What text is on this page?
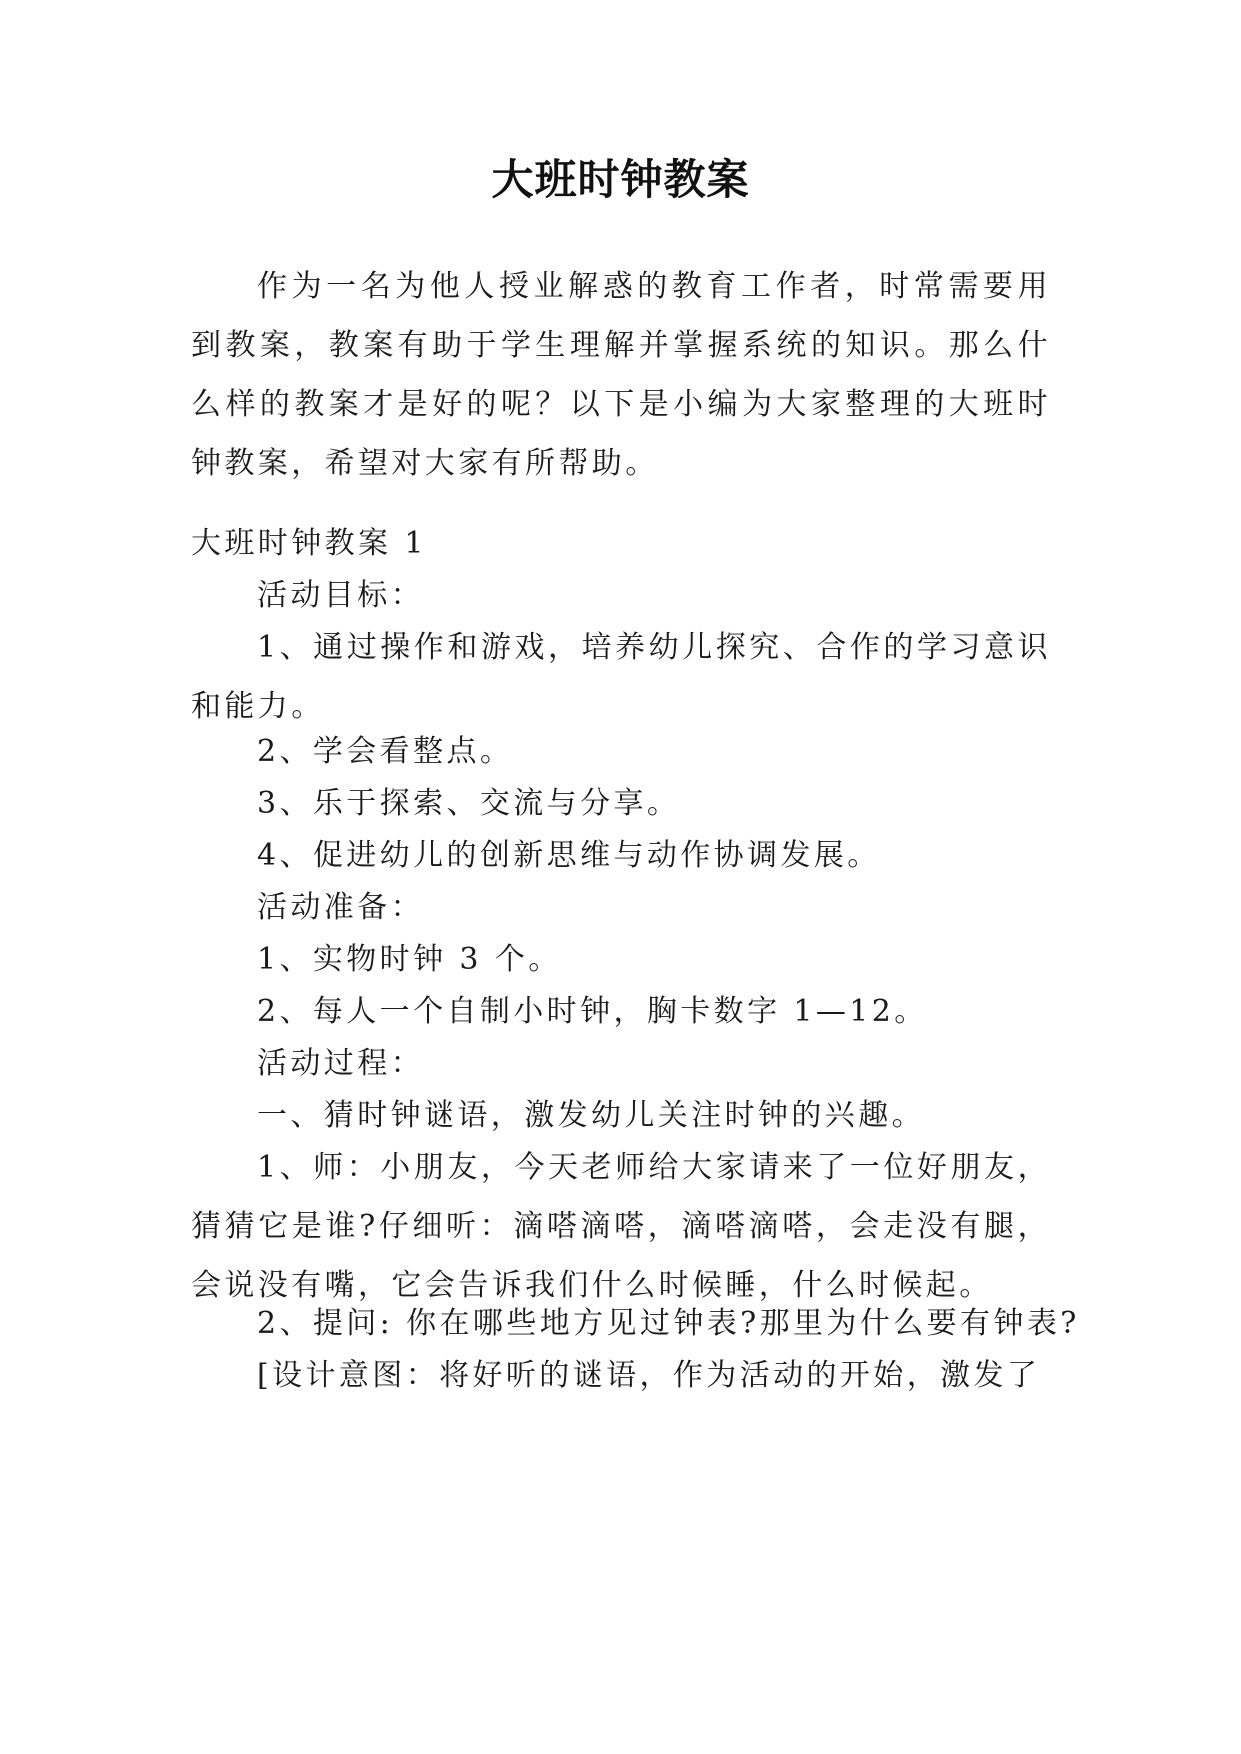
大班时钟教案

作为一名为他人授业解惑的教育工作者，时常需要用到教案，教案有助于学生理解并掌握系统的知识。那么什么样的教案才是好的呢？以下是小编为大家整理的大班时钟教案，希望对大家有所帮助。

大班时钟教案 1

活动目标：

1、通过操作和游戏，培养幼儿探究、合作的学习意识和能力。

2、学会看整点。

3、乐于探索、交流与分享。

4、促进幼儿的创新思维与动作协调发展。

活动准备：

1、实物时钟 3 个。

2、每人一个自制小时钟，胸卡数字 1—12。

活动过程：

一、猜时钟谜语，激发幼儿关注时钟的兴趣。

1、师：小朋友，今天老师给大家请来了一位好朋友，猜猜它是谁?仔细听：滴嗒滴嗒，滴嗒滴嗒，会走没有腿，会说没有嘴，它会告诉我们什么时候睡，什么时候起。

2、提问: 你在哪些地方见过钟表?那里为什么要有钟表?

[设计意图：将好听的谜语，作为活动的开始，激发了
